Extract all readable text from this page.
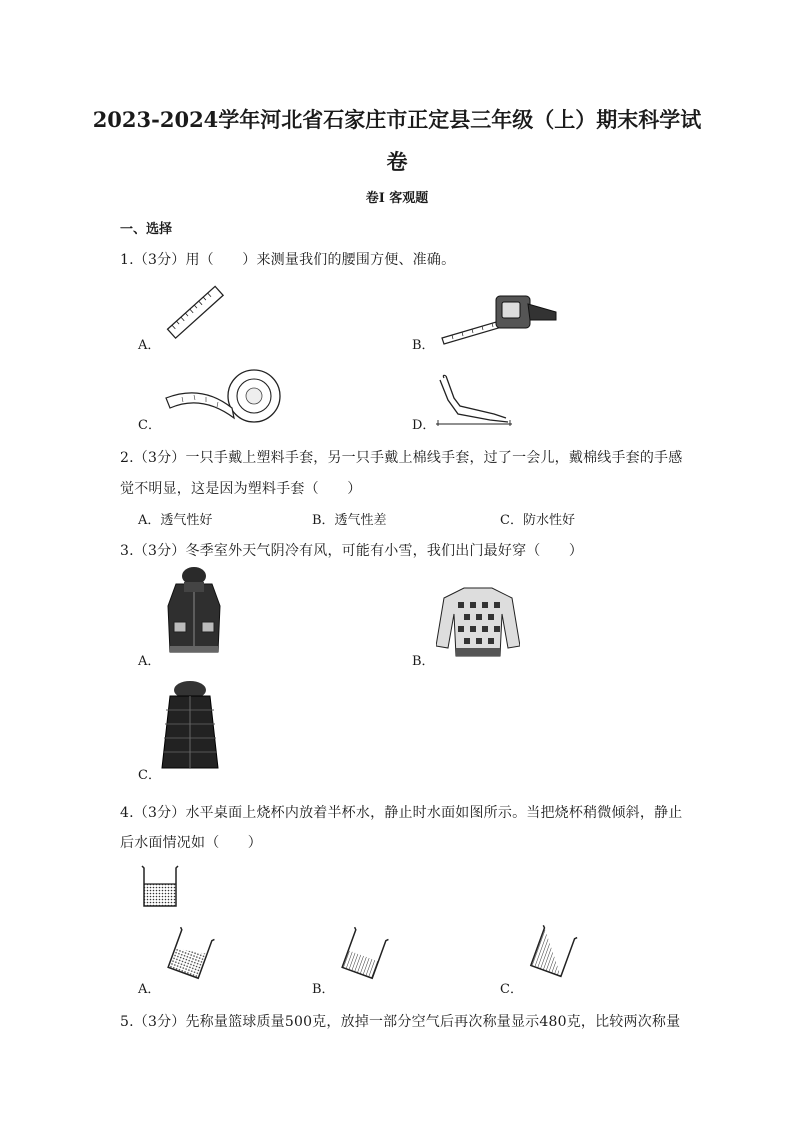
2023-2024学年河北省石家庄市正定县三年级（上）期末科学试
卷
卷I 客观题
一、选择
1.（3分）用（　　）来测量我们的腰围方便、准确。
A．	B．
C．	D．
2.（3分）一只手戴上塑料手套，另一只手戴上棉线手套，过了一会儿，戴棉线手套的手感
觉不明显，这是因为塑料手套（　　）
A．透气性好	B．透气性差	C．防水性好
3.（3分）冬季室外天气阴冷有风，可能有小雪，我们出门最好穿（　　）
A．	B．
C．
4.（3分）水平桌面上烧杯内放着半杯水，静止时水面如图所示。当把烧杯稍微倾斜，静止
后水面情况如（　　）
A．	B．	C．
5.（3分）先称量篮球质量500克，放掉一部分空气后再次称量显示480克，比较两次称量
